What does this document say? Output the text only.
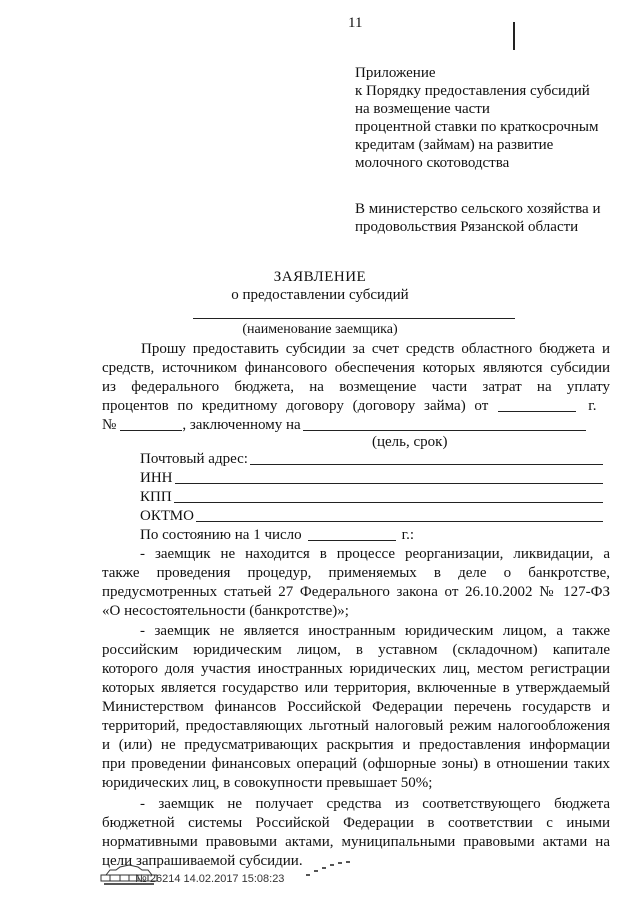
11
Приложение
к Порядку предоставления субсидий
на возмещение части
процентной ставки по краткосрочным
кредитам (займам) на развитие
молочного скотоводства
В министерство сельского хозяйства и
продовольствия Рязанской области
ЗАЯВЛЕНИЕ
о предоставлении субсидий
(наименование заемщика)
Прошу предоставить субсидии за счет средств областного бюджета и
средств, источником финансового обеспечения которых являются субсидии
из федерального бюджета, на возмещение части затрат на уплату
процентов по кредитному договору (договору займа) от	г.
№	, заключенному на
(цель, срок)
Почтовый адрес:
ИНН
КПП
ОКТМО
По состоянию на 1 число	г.:
- заемщик не находится в процессе реорганизации, ликвидации, а
также проведения процедур, применяемых в деле о банкротстве,
предусмотренных статьей 27 Федерального закона от 26.10.2002 № 127-ФЗ
«О несостоятельности (банкротстве)»;
- заемщик не является иностранным юридическим лицом, а также
российским юридическим лицом, в уставном (складочном) капитале
которого доля участия иностранных юридических лиц, местом регистрации
которых является государство или территория, включенные в утверждаемый
Министерством финансов Российской Федерации перечень государств и
территорий, предоставляющих льготный налоговый режим налогообложения
и (или) не предусматривающих раскрытия и предоставления информации
при проведении финансовых операций (офшорные зоны) в отношении таких
юридических лиц, в совокупности превышает 50%;
- заемщик не получает средства из соответствующего бюджета
бюджетной системы Российской Федерации в соответствии с иными
нормативными правовыми актами, муниципальными правовыми актами на
цели запрашиваемой субсидии.
№ 26214 14.02.2017 15:08:23
